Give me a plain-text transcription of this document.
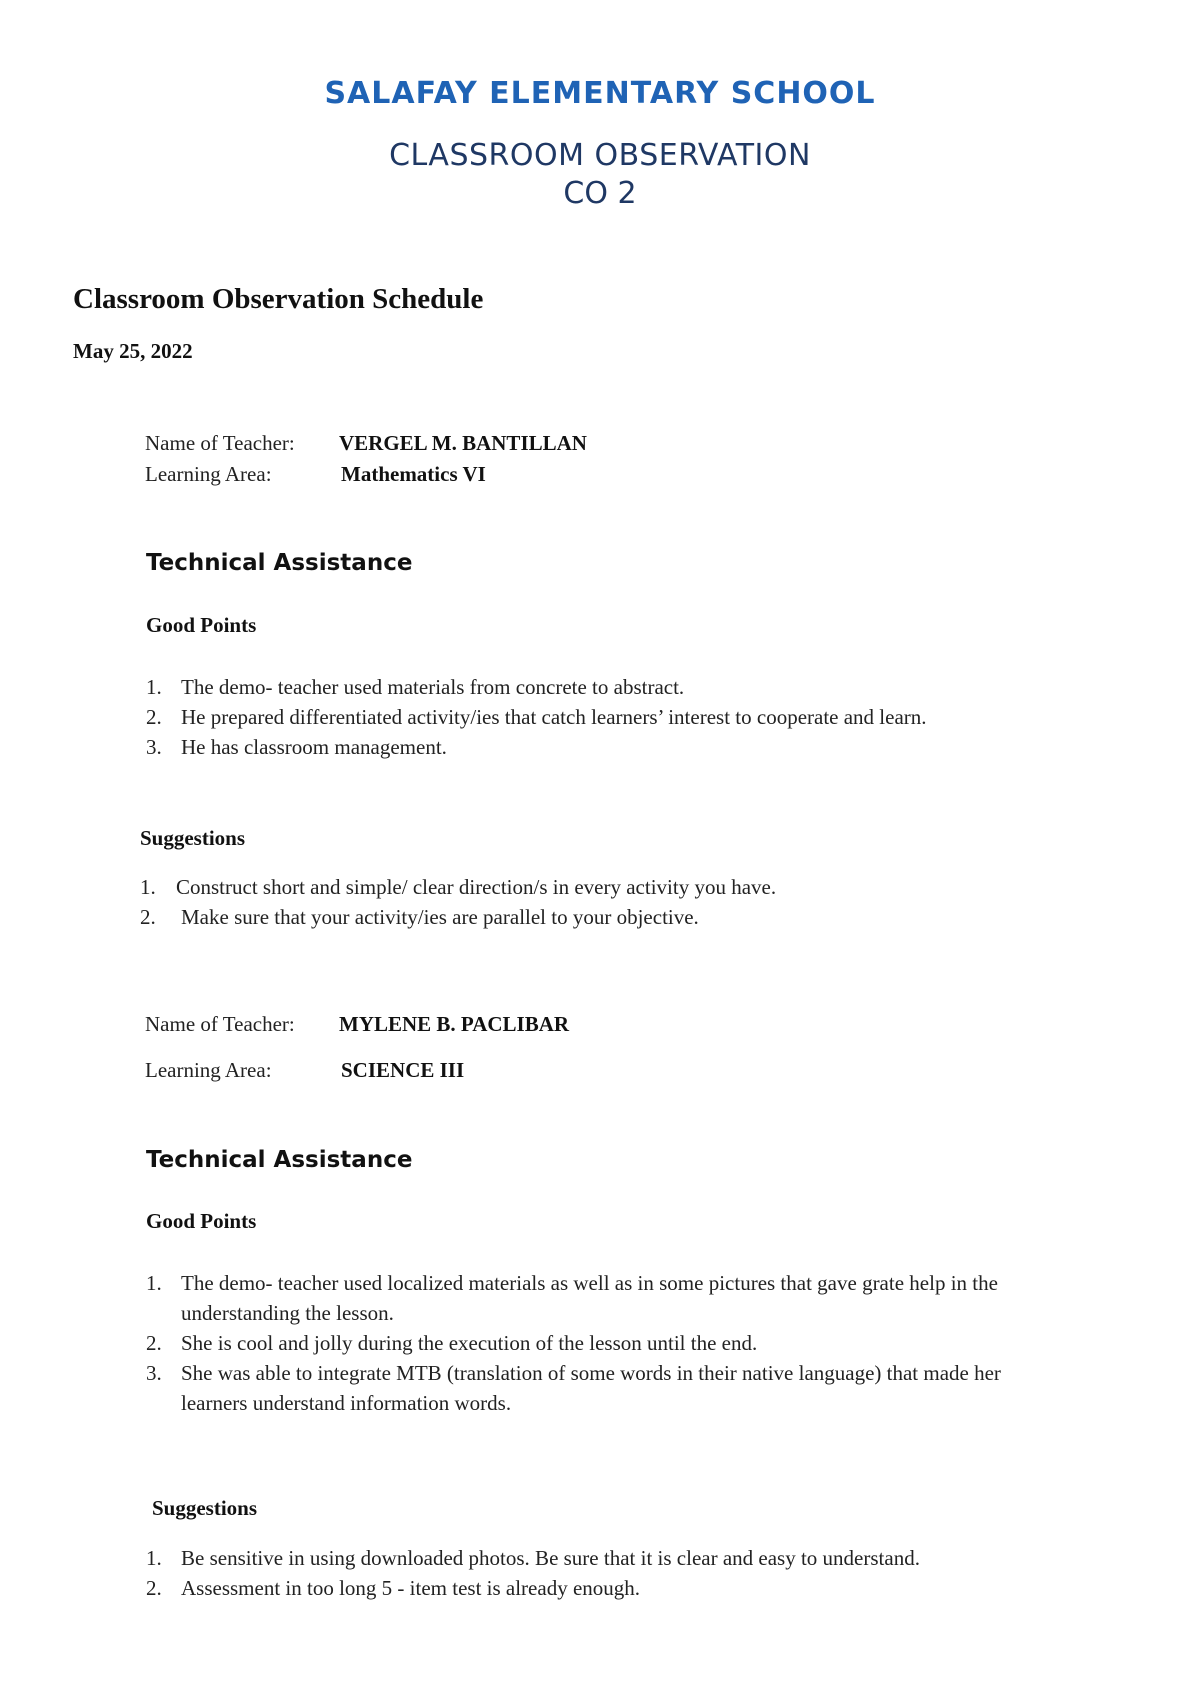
SALAFAY ELEMENTARY SCHOOL
CLASSROOM OBSERVATION
CO 2
Classroom Observation Schedule
May 25, 2022
Name of Teacher: VERGEL M. BANTILLAN
Learning Area:	Mathematics VI
Technical Assistance
Good Points
1. The demo- teacher used materials from concrete to abstract.
2. He prepared differentiated activity/ies that catch learners’ interest to cooperate and learn.
3. He has classroom management.
Suggestions
1. Construct short and simple/ clear direction/s in every activity you have.
2. Make sure that your activity/ies are parallel to your objective.
Name of Teacher: MYLENE B. PACLIBAR
Learning Area:	SCIENCE III
Technical Assistance
Good Points
1. The demo- teacher used localized materials as well as in some pictures that gave grate help in the
understanding the lesson.
2. She is cool and jolly during the execution of the lesson until the end.
3. She was able to integrate MTB (translation of some words in their native language) that made her
learners understand information words.
Suggestions
1. Be sensitive in using downloaded photos. Be sure that it is clear and easy to understand.
2. Assessment in too long 5 - item test is already enough.
